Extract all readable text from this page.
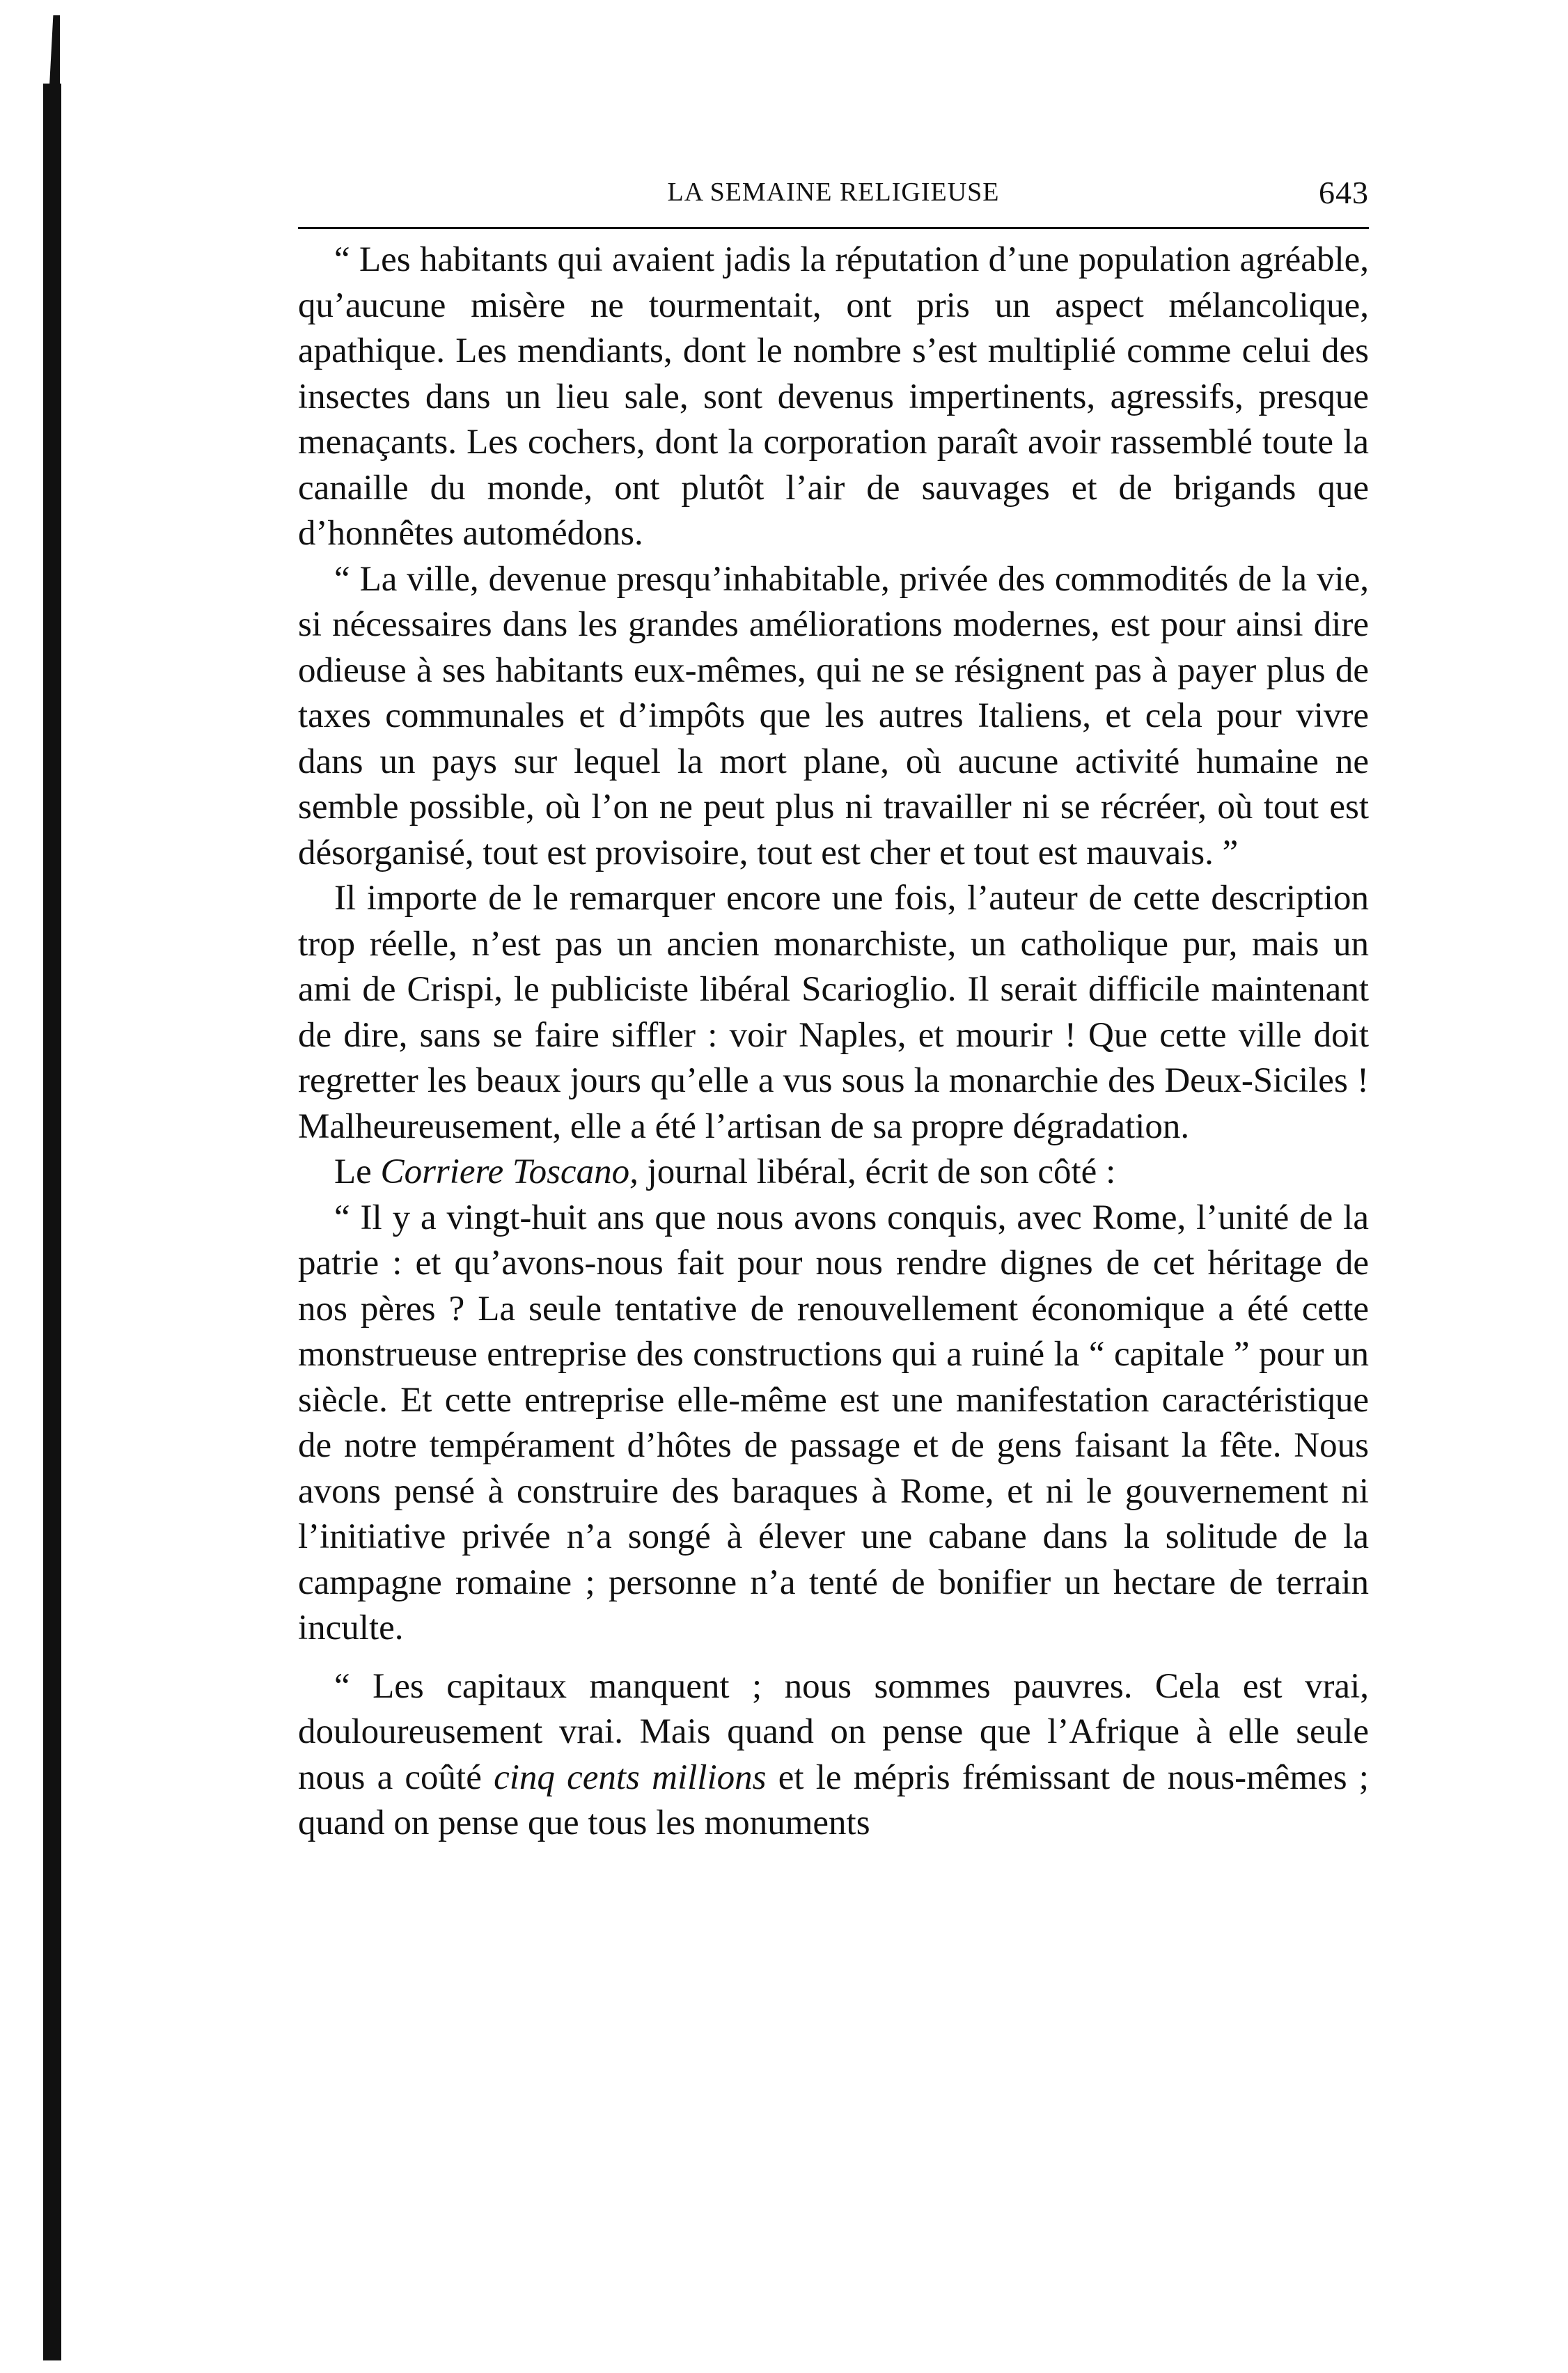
LA SEMAINE RELIGIEUSE	643

“ Les habitants qui avaient jadis la réputation d’une population agréable, qu’aucune misère ne tourmentait, ont pris un aspect mélancolique, apathique. Les mendiants, dont le nombre s’est multiplié comme celui des insectes dans un lieu sale, sont devenus impertinents, agressifs, presque menaçants. Les cochers, dont la corporation paraît avoir rassemblé toute la canaille du monde, ont plutôt l’air de sauvages et de brigands que d’honnêtes automédons.

“ La ville, devenue presqu’inhabitable, privée des commodités de la vie, si nécessaires dans les grandes améliorations modernes, est pour ainsi dire odieuse à ses habitants eux-mêmes, qui ne se résignent pas à payer plus de taxes communales et d’impôts que les autres Italiens, et cela pour vivre dans un pays sur lequel la mort plane, où aucune activité humaine ne semble possible, où l’on ne peut plus ni travailler ni se récréer, où tout est désorganisé, tout est provisoire, tout est cher et tout est mauvais. ”

Il importe de le remarquer encore une fois, l’auteur de cette description trop réelle, n’est pas un ancien monarchiste, un catholique pur, mais un ami de Crispi, le publiciste libéral Scarioglio. Il serait difficile maintenant de dire, sans se faire siffler : voir Naples, et mourir ! Que cette ville doit regretter les beaux jours qu’elle a vus sous la monarchie des Deux-Siciles ! Malheureusement, elle a été l’artisan de sa propre dégradation.

Le Corriere Toscano, journal libéral, écrit de son côté :

“ Il y a vingt-huit ans que nous avons conquis, avec Rome, l’unité de la patrie : et qu’avons-nous fait pour nous rendre dignes de cet héritage de nos pères ? La seule tentative de renouvellement économique a été cette monstrueuse entreprise des constructions qui a ruiné la “ capitale ” pour un siècle. Et cette entreprise elle-même est une manifestation caractéristique de notre tempérament d’hôtes de passage et de gens faisant la fête. Nous avons pensé à construire des baraques à Rome, et ni le gouvernement ni l’initiative privée n’a songé à élever une cabane dans la solitude de la campagne romaine ; personne n’a tenté de bonifier un hectare de terrain inculte.

“ Les capitaux manquent ; nous sommes pauvres. Cela est vrai, douloureusement vrai. Mais quand on pense que l’Afrique à elle seule nous a coûté cinq cents millions et le mépris frémissant de nous-mêmes ; quand on pense que tous les monuments
